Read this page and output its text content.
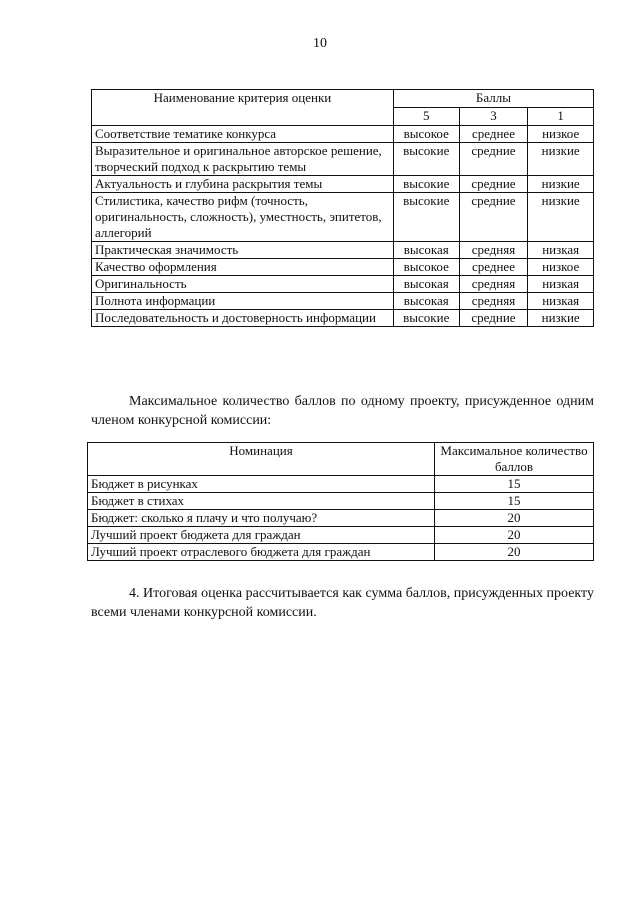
10
Наименование критерия оценки	Баллы		
	5	3	1
Соответствие тематике конкурса	высокое	среднее	низкое
Выразительное и оригинальное авторское решение, творческий подход к раскрытию темы	высокие	средние	низкие
Актуальность и глубина раскрытия темы	высокие	средние	низкие
Стилистика, качество рифм (точность, оригинальность, сложность), уместность, эпитетов, аллегорий	высокие	средние	низкие
Практическая значимость	высокая	средняя	низкая
Качество оформления	высокое	среднее	низкое
Оригинальность	высокая	средняя	низкая
Полнота информации	высокая	средняя	низкая
Последовательность и достоверность информации	высокие	средние	низкие

Максимальное количество баллов по одному проекту, присужденное одним членом конкурсной комиссии:

Номинация	Максимальное количество баллов
Бюджет в рисунках	15
Бюджет в стихах	15
Бюджет: сколько я плачу и что получаю?	20
Лучший проект бюджета для граждан	20
Лучший проект отраслевого бюджета для граждан	20

4. Итоговая оценка рассчитывается как сумма баллов, присужденных проекту всеми членами конкурсной комиссии.
